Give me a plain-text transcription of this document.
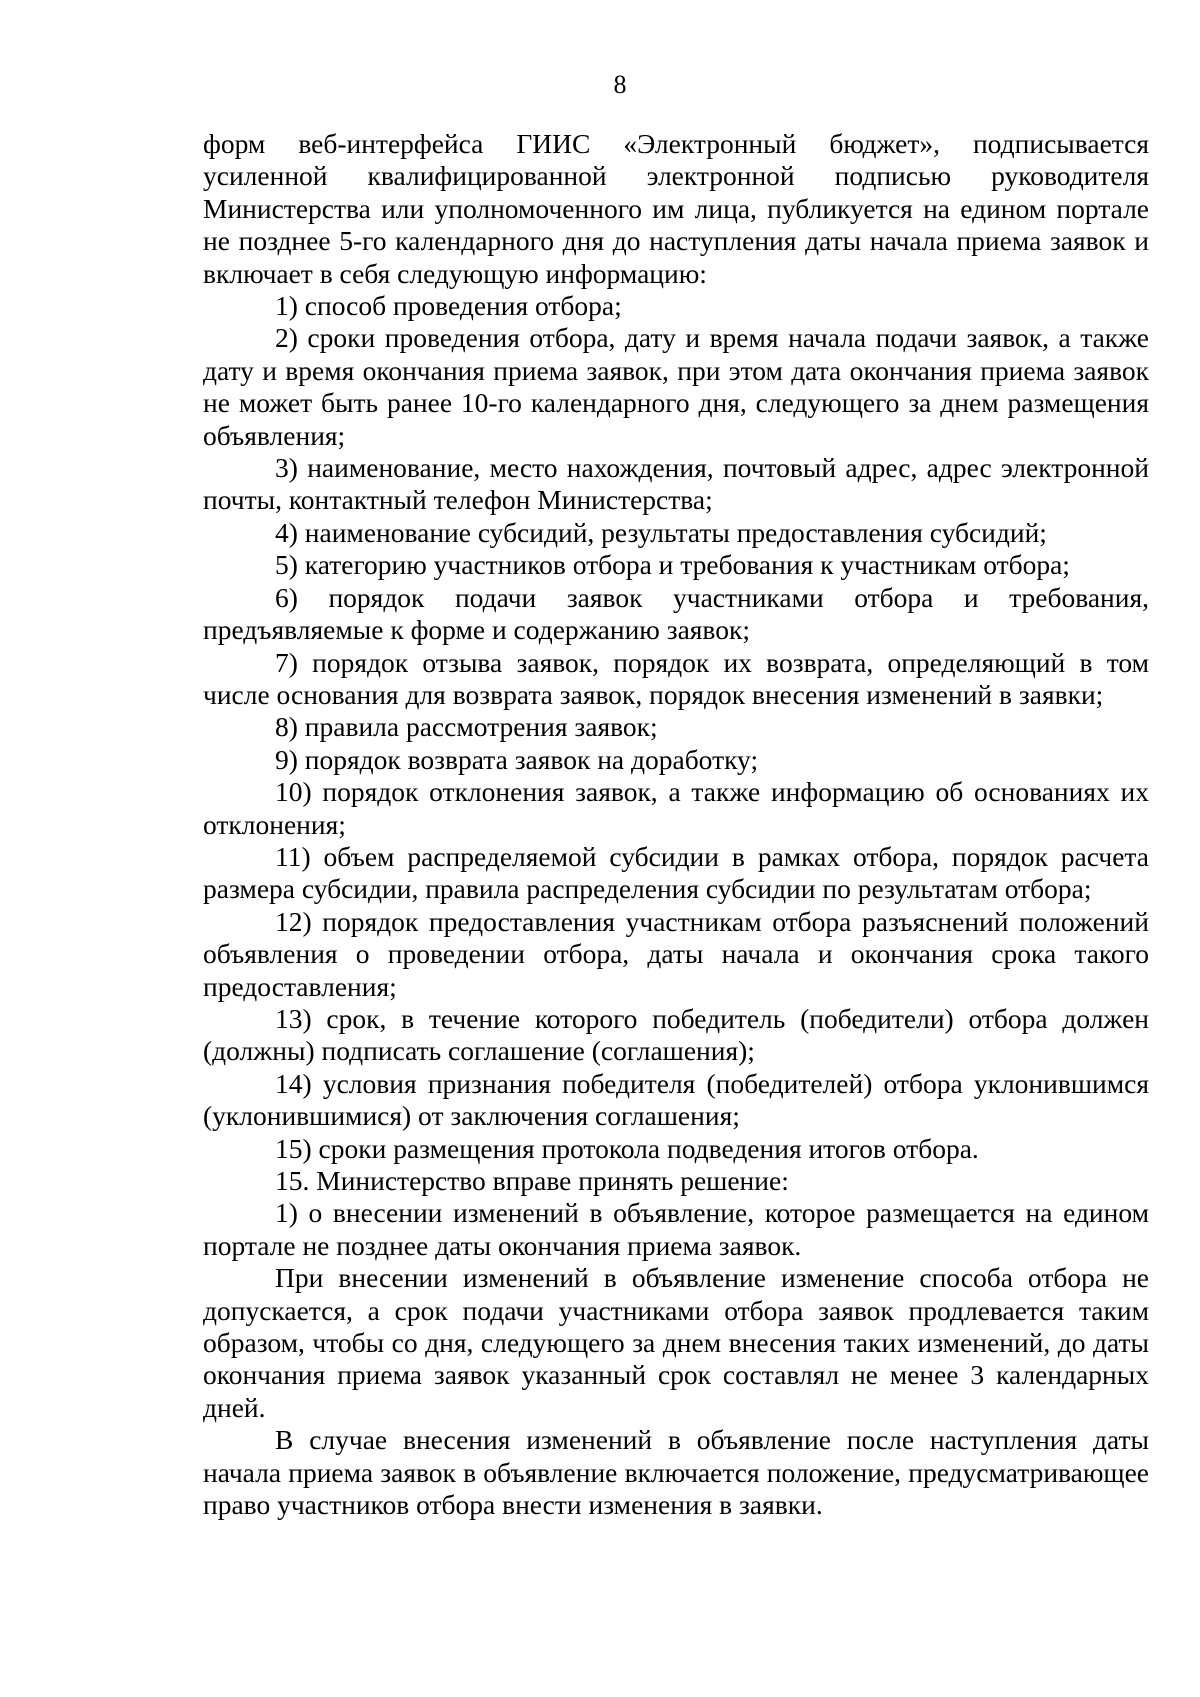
8

форм веб-интерфейса ГИИС «Электронный бюджет», подписывается усиленной квалифицированной электронной подписью руководителя Министерства или уполномоченного им лица, публикуется на едином портале не позднее 5-го календарного дня до наступления даты начала приема заявок и включает в себя следующую информацию:

1) способ проведения отбора;

2) сроки проведения отбора, дату и время начала подачи заявок, а также дату и время окончания приема заявок, при этом дата окончания приема заявок не может быть ранее 10-го календарного дня, следующего за днем размещения объявления;

3) наименование, место нахождения, почтовый адрес, адрес электронной почты, контактный телефон Министерства;

4) наименование субсидий, результаты предоставления субсидий;

5) категорию участников отбора и требования к участникам отбора;

6) порядок подачи заявок участниками отбора и требования, предъявляемые к форме и содержанию заявок;

7) порядок отзыва заявок, порядок их возврата, определяющий в том числе основания для возврата заявок, порядок внесения изменений в заявки;

8) правила рассмотрения заявок;

9) порядок возврата заявок на доработку;

10) порядок отклонения заявок, а также информацию об основаниях их отклонения;

11) объем распределяемой субсидии в рамках отбора, порядок расчета размера субсидии, правила распределения субсидии по результатам отбора;

12) порядок предоставления участникам отбора разъяснений положений объявления о проведении отбора, даты начала и окончания срока такого предоставления;

13) срок, в течение которого победитель (победители) отбора должен (должны) подписать соглашение (соглашения);

14) условия признания победителя (победителей) отбора уклонившимся (уклонившимися) от заключения соглашения;

15) сроки размещения протокола подведения итогов отбора.

15. Министерство вправе принять решение:

1) о внесении изменений в объявление, которое размещается на едином портале не позднее даты окончания приема заявок.

При внесении изменений в объявление изменение способа отбора не допускается, а срок подачи участниками отбора заявок продлевается таким образом, чтобы со дня, следующего за днем внесения таких изменений, до даты окончания приема заявок указанный срок составлял не менее 3 календарных дней.

В случае внесения изменений в объявление после наступления даты начала приема заявок в объявление включается положение, предусматривающее право участников отбора внести изменения в заявки.
